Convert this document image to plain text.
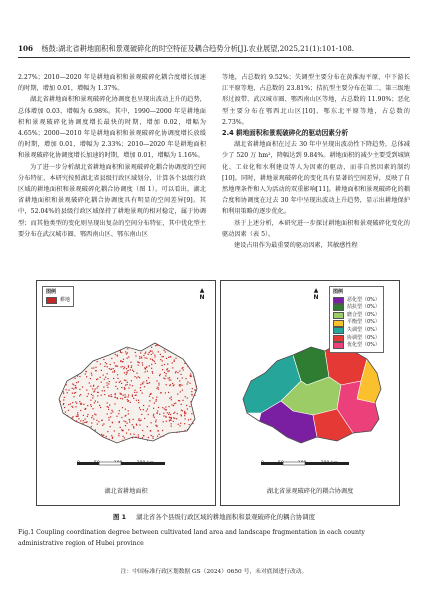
106 杨鼓:湖北省耕地面积和景观破碎化的时空特征及耦合趋势分析[J].农业展望,2025,21(1):101-108.

2.27%；2010—2020 年是耕地面积和景观破碎化耦合度增长加速的时期，增加 0.01，增幅为 1.37%。

湖北省耕地面积和景观破碎化协调度也呈现出波动上升的趋势，总体增加 0.03，增幅为 6.98%。其中，1990—2000 年是耕地面积和景观破碎化协调度增长最快的时期，增加 0.02，增幅为 4.65%；2000—2010 年是耕地面积和景观破碎化协调度增长放缓的时期，增加 0.01，增幅为 2.33%；2010—2020 年是耕地面积和景观破碎化协调度增长加速的时期，增加 0.01，增幅为 1.16%。

为了进一步分析湖北省耕地面积和景观破碎化耦合协调度的空间分布特征，本研究按照湖北省县级行政区域划分，计算各个县级行政区域的耕地面积和景观破碎化耦合协调度（图 1）。可以看出，湖北省耕地面积和景观破碎化耦合协调度具有明显的空间差异[9]。其中，52.04%的县级行政区域保持了耕地景观的相对稳定，属于协调型；而其他类型的变化则呈现出复杂的空间分布特征，其中优化型主要分布在武汉城市圈、鄂西南山区、鄂东南山区

等地，占总数的 9.52%；失调型主要分布在黄淮海平原、中下游长江平原等地，占总数的 23.81%；拮抗型主要分布在第二、第三级地形过渡带、武汉城市圈、鄂西南山区等地，占总数的 11.90%；恶化型主要分布在鄂西北山区[10]、鄂东北平原等地，占总数的 2.73%。

2.4 耕地面积和景观破碎化的驱动因素分析

湖北省耕地面积在过去 30 年中呈现出波动性下降趋势，总体减少了 520 万 hm²，降幅达到 9.84%。耕地面积的减少主要受到城镇化、工业化和水利建设等人为因素的驱动，而非自然因素的制约[10]。同时，耕地景观破碎化的变化具有显著的空间差异，反映了自然地理条件和人为活动的双重影响[11]。耕地面积和景观破碎化的耦合度和协调度在过去 30 年中呈现出波动上升趋势，显示出耕地保护和利用策略的逐步优化。

基于上述分析，本研究进一步探讨耕地面积和景观破碎化变化的驱动因素（表 5）。

建设占用作为最重要的驱动因素，其敏感性程

图例
耕地
▲
N
湖北省耕地面积
图例
恶化型（0%）
拮抗型（0%）
磨合型（0%）
平衡型（0%）
失调型（0%）
协调型（0%）
优化型（0%）
▲
N
湖北省景观破碎化的耦合协调度
图 1 湖北省各个县级行政区域的耕地面积和景观破碎化的耦合协调度
Fig.1 Coupling coordination degree between cultivated land area and landscape fragmentation in each county administrative region of Hubei province
注：中国标准行政区划数据 GS（2024）0650 号，未对底图进行改动。
